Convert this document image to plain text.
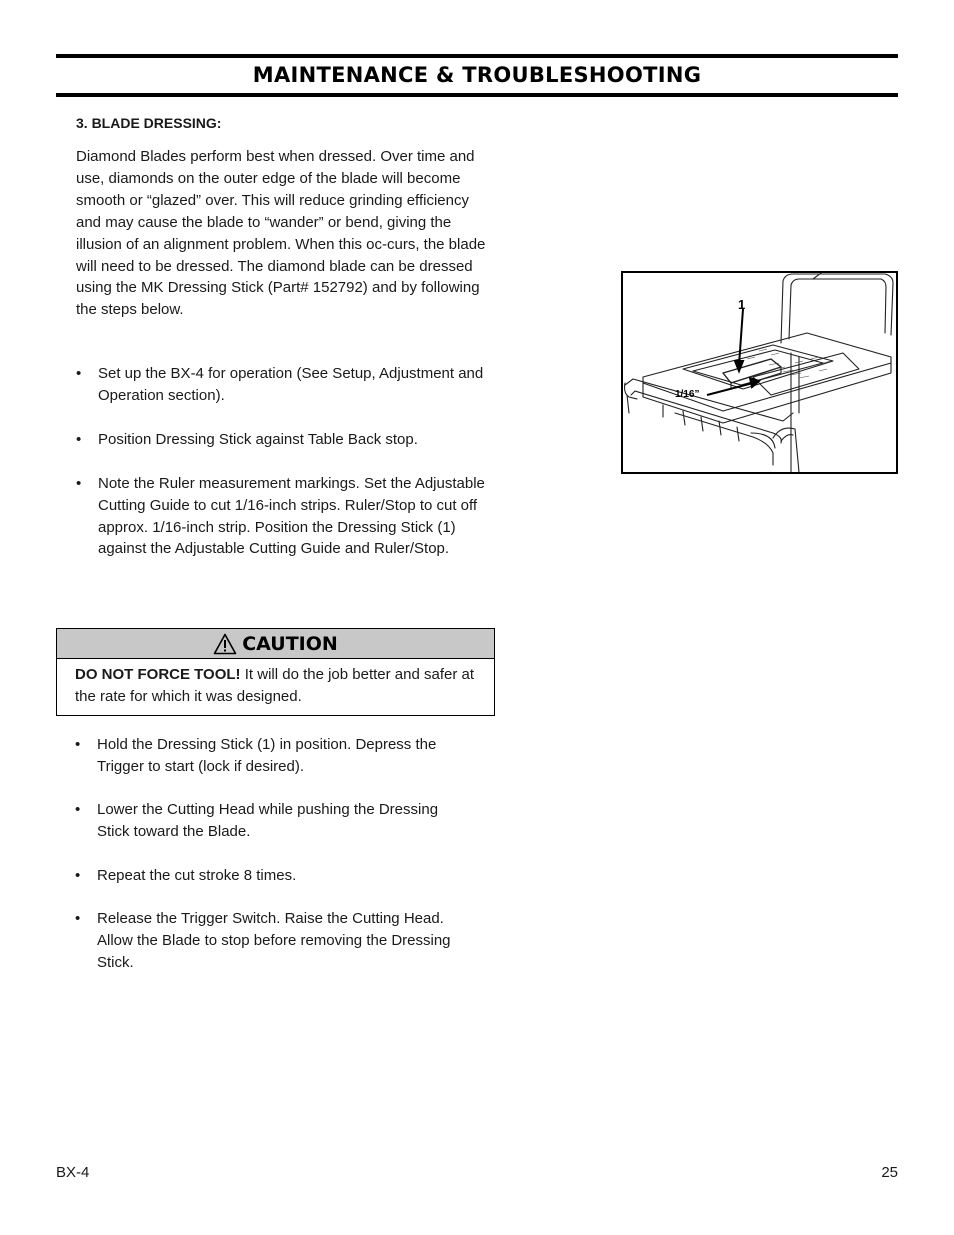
MAINTENANCE & TROUBLESHOOTING
3. BLADE DRESSING:

Diamond Blades perform best when dressed. Over time and use, diamonds on the outer edge of the blade will become smooth or “glazed” over. This will reduce grinding efficiency and may cause the blade to “wander” or bend, giving the illusion of an alignment problem. When this oc-curs, the blade will need to be dressed. The diamond blade can be dressed using the MK Dressing Stick (Part# 152792) and by following the steps below.

• Set up the BX-4 for operation (See Setup, Adjustment and Operation section).
• Position Dressing Stick against Table Back stop.
• Note the Ruler measurement markings. Set the Adjustable Cutting Guide to cut 1/16-inch strips. Ruler/Stop to cut off approx. 1/16-inch strip. Position the Dressing Stick (1) against the Adjustable Cutting Guide and Ruler/Stop.
CAUTION
DO NOT FORCE TOOL! It will do the job better and safer at the rate for which it was designed.
• Hold the Dressing Stick (1) in position. Depress the Trigger to start (lock if desired).
• Lower the Cutting Head while pushing the Dressing Stick toward the Blade.
• Repeat the cut stroke 8 times.
• Release the Trigger Switch. Raise the Cutting Head. Allow the Blade to stop before removing the Dressing Stick.
1
1/16”
BX-4	25
